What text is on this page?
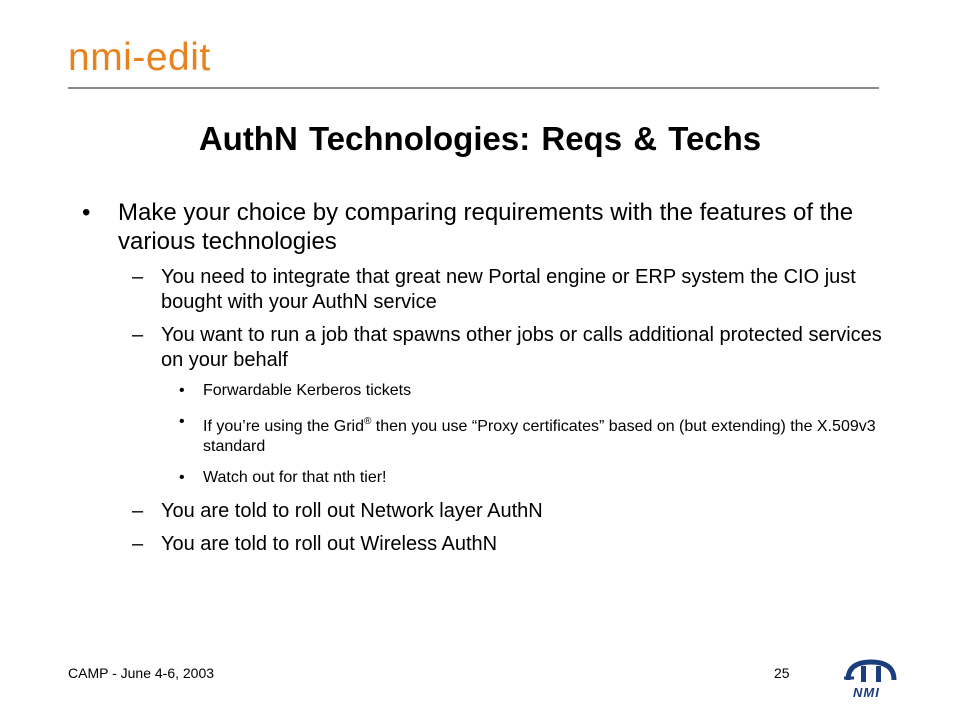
nmi-edit
AuthN Technologies: Reqs & Techs
• Make your choice by comparing requirements with the features of the various technologies
– You need to integrate that great new Portal engine or ERP system the CIO just bought with your AuthN service
– You want to run a job that spawns other jobs or calls additional protected services on your behalf
• Forwardable Kerberos tickets
• If you’re using the Grid® then you use “Proxy certificates” based on (but extending) the X.509v3 standard
• Watch out for that nth tier!
– You are told to roll out Network layer AuthN
– You are told to roll out Wireless AuthN
CAMP - June 4-6, 2003	25
NMI
